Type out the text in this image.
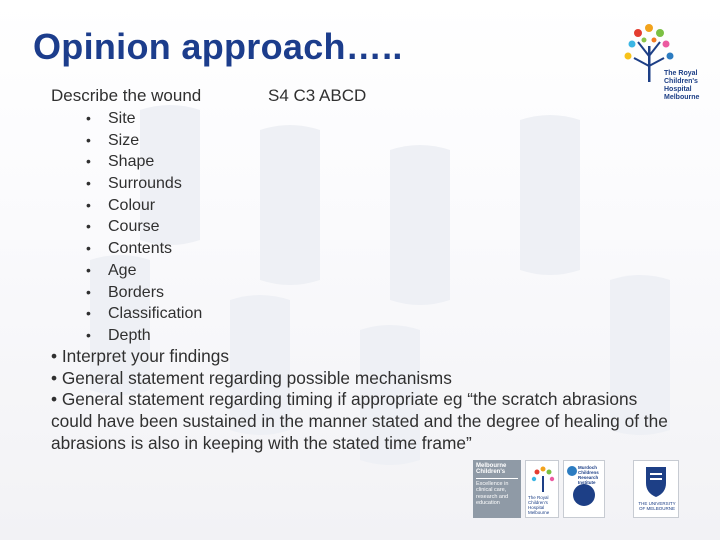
Opinion approach…..
The Royal Children's Hospital Melbourne
Describe the wound	S4 C3 ABCD
• Site
• Size
• Shape
• Surrounds
• Colour
• Course
• Contents
• Age
• Borders
• Classification
• Depth

• Interpret your findings

• General statement regarding possible mechanisms

• General statement regarding timing if appropriate eg “the scratch abrasions could have been sustained in the manner stated and the degree of healing of the abrasions is also in keeping with the stated time frame”

Melbourne Children's
Excellence in clinical care, research and education
The Royal Children's Hospital Melbourne
Murdoch Childrens Research Institute
THE UNIVERSITY OF MELBOURNE
